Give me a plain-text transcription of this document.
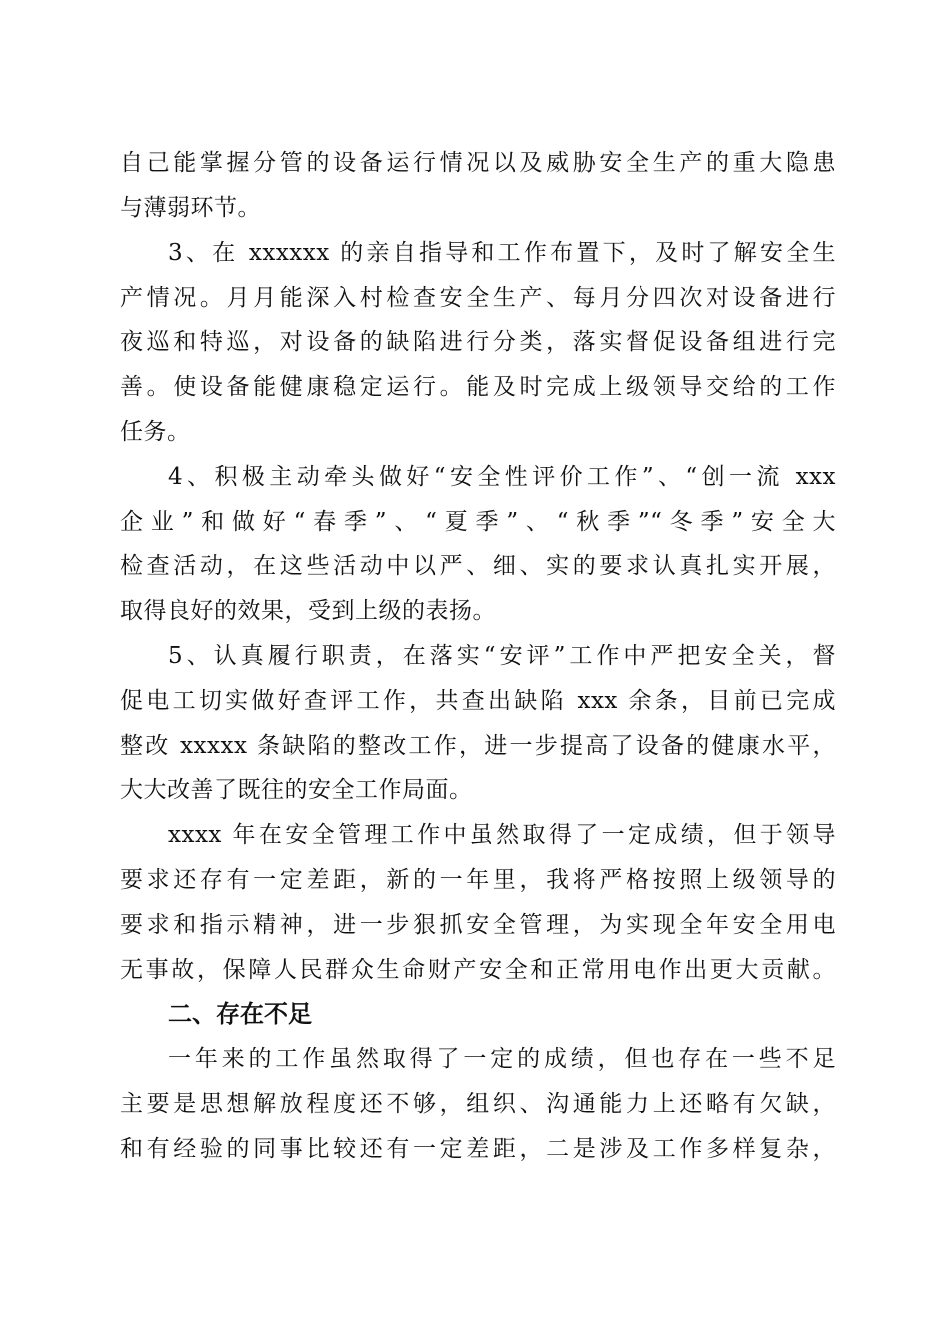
自己能掌握分管的设备运行情况以及威胁安全生产的重大隐患
与薄弱环节。
3、在 xxxxxx 的亲自指导和工作布置下，及时了解安全生
产情况。月月能深入村检查安全生产、每月分四次对设备进行
夜巡和特巡，对设备的缺陷进行分类，落实督促设备组进行完
善。使设备能健康稳定运行。能及时完成上级领导交给的工作
任务。
4、积极主动牵头做好“安全性评价工作”、“创一流 xxx
企业”和做好“春季”、“夏季”、“秋季”“冬季”安全大
检查活动，在这些活动中以严、细、实的要求认真扎实开展，
取得良好的效果，受到上级的表扬。
5、认真履行职责，在落实“安评”工作中严把安全关，督
促电工切实做好查评工作，共查出缺陷 xxx 余条，目前已完成
整改 xxxxx 条缺陷的整改工作，进一步提高了设备的健康水平，
大大改善了既往的安全工作局面。
xxxx 年在安全管理工作中虽然取得了一定成绩，但于领导
要求还存有一定差距，新的一年里，我将严格按照上级领导的
要求和指示精神，进一步狠抓安全管理，为实现全年安全用电
无事故，保障人民群众生命财产安全和正常用电作出更大贡献。
二、存在不足
一年来的工作虽然取得了一定的成绩，但也存在一些不足
主要是思想解放程度还不够，组织、沟通能力上还略有欠缺，
和有经验的同事比较还有一定差距，二是涉及工作多样复杂，
